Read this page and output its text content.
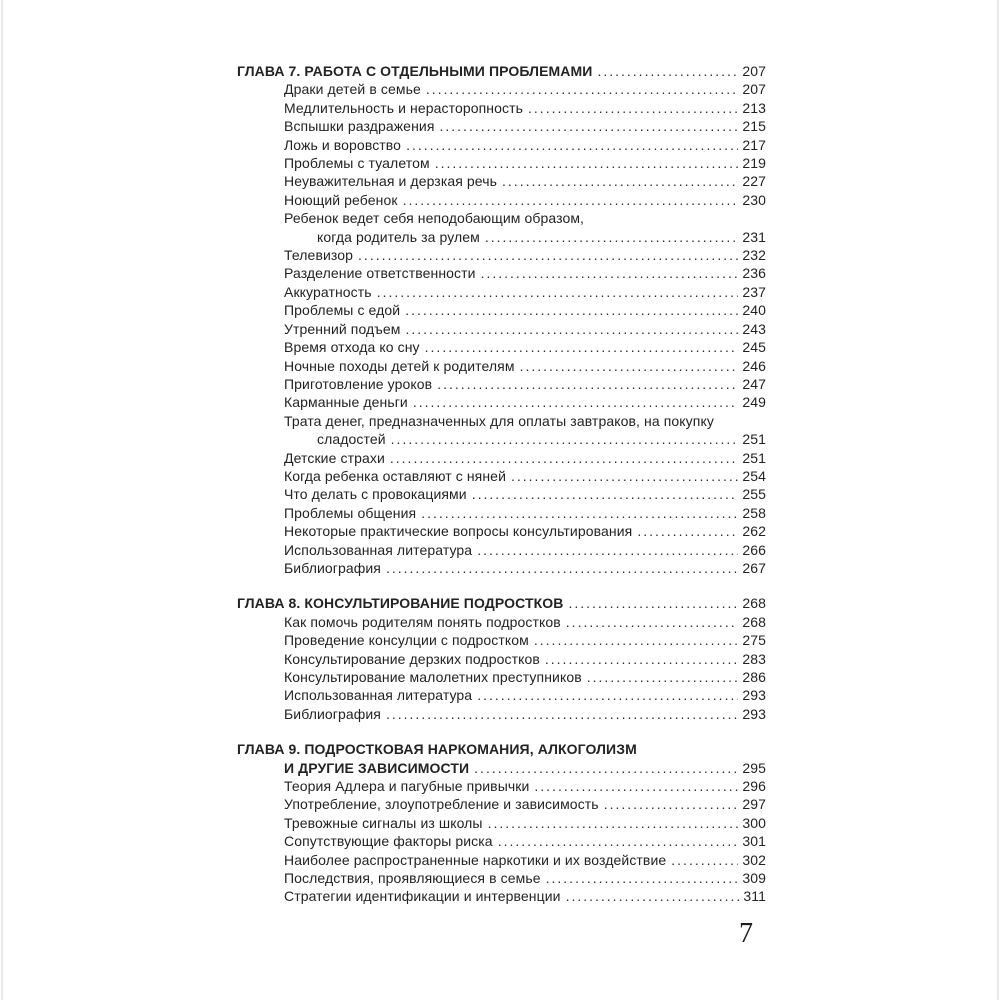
ГЛАВА 7. РАБОТА С ОТДЕЛЬНЫМИ ПРОБЛЕМАМИ .....	207
Драки детей в семье .....	207
Медлительность и нерасторопность .....	213
Вспышки раздражения .....	215
Ложь и воровство .....	217
Проблемы с туалетом .....	219
Неуважительная и дерзкая речь .....	227
Ноющий ребенок .....	230
Ребенок ведет себя неподобающим образом,
когда родитель за рулем .....	231
Телевизор .....	232
Разделение ответственности .....	236
Аккуратность .....	237
Проблемы с едой .....	240
Утренний подъем .....	243
Время отхода ко сну .....	245
Ночные походы детей к родителям .....	246
Приготовление уроков .....	247
Карманные деньги .....	249
Трата денег, предназначенных для оплаты завтраков, на покупку
сладостей .....	251
Детские страхи .....	251
Когда ребенка оставляют с няней .....	254
Что делать с провокациями .....	255
Проблемы общения .....	258
Некоторые практические вопросы консультирования .....	262
Использованная литература .....	266
Библиография .....	267
ГЛАВА 8. КОНСУЛЬТИРОВАНИЕ ПОДРОСТКОВ .....	268
Как помочь родителям понять подростков .....	268
Проведение консулции с подростком .....	275
Консультирование дерзких подростков .....	283
Консультирование малолетних преступников .....	286
Использованная литература .....	293
Библиография .....	293
ГЛАВА 9. ПОДРОСТКОВАЯ НАРКОМАНИЯ, АЛКОГОЛИЗМ
И ДРУГИЕ ЗАВИСИМОСТИ .....	295
Теория Адлера и пагубные привычки .....	296
Употребление, злоупотребление и зависимость .....	297
Тревожные сигналы из школы .....	300
Сопутствующие факторы риска .....	301
Наиболее распространенные наркотики и их воздействие .....	302
Последствия, проявляющиеся в семье .....	309
Стратегии идентификации и интервенции .....	311
7
